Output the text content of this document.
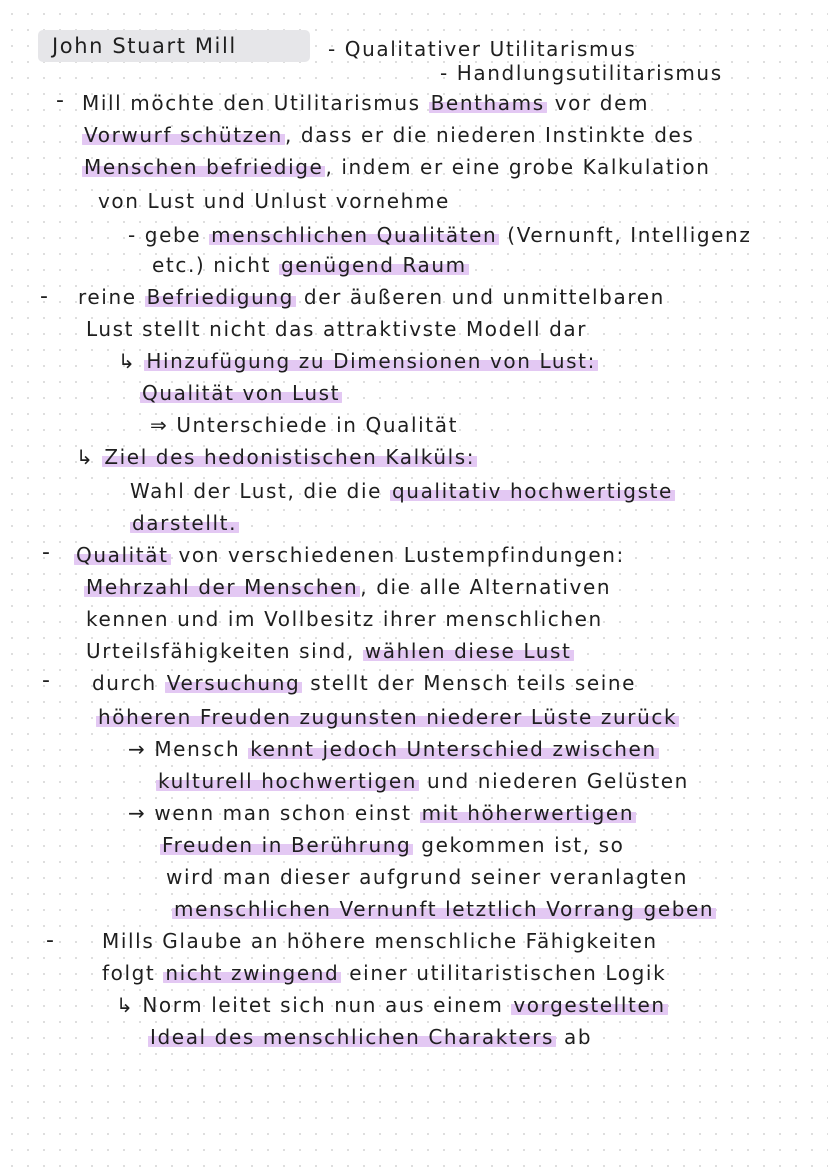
John Stuart Mill	- Qualitativer Utilitarismus
- Handlungsutilitarismus
-
-
-
-
-
Mill möchte den Utilitarismus Benthams vor dem
Vorwurf schützen , dass er die niederen Instinkte des
Menschen befriedige , indem er eine grobe Kalkulation
von Lust und Unlust vornehme
- gebe menschlichen Qualitäten (Vernunft, Intelligenz
etc.) nicht genügend Raum
reine Befriedigung der äußeren und unmittelbaren
Lust stellt nicht das attraktivste Modell dar
↳ Hinzufügung zu Dimensionen von Lust:
Qualität von Lust
⇒ Unterschiede in Qualität
↳ Ziel des hedonistischen Kalküls:
Wahl der Lust, die die qualitativ hochwertigste
darstellt.
Qualität von verschiedenen Lustempfindungen:
Mehrzahl der Menschen , die alle Alternativen
kennen und im Vollbesitz ihrer menschlichen
Urteilsfähigkeiten sind, wählen diese Lust
durch Versuchung stellt der Mensch teils seine
höheren Freuden zugunsten niederer Lüste zurück
→ Mensch kennt jedoch Unterschied zwischen
kulturell hochwertigen und niederen Gelüsten
→ wenn man schon einst mit höherwertigen
Freuden in Berührung gekommen ist, so
wird man dieser aufgrund seiner veranlagten
menschlichen Vernunft letztlich Vorrang geben
Mills Glaube an höhere menschliche Fähigkeiten
folgt nicht zwingend einer utilitaristischen Logik
↳ Norm leitet sich nun aus einem vorgestellten
Ideal des menschlichen Charakters ab
